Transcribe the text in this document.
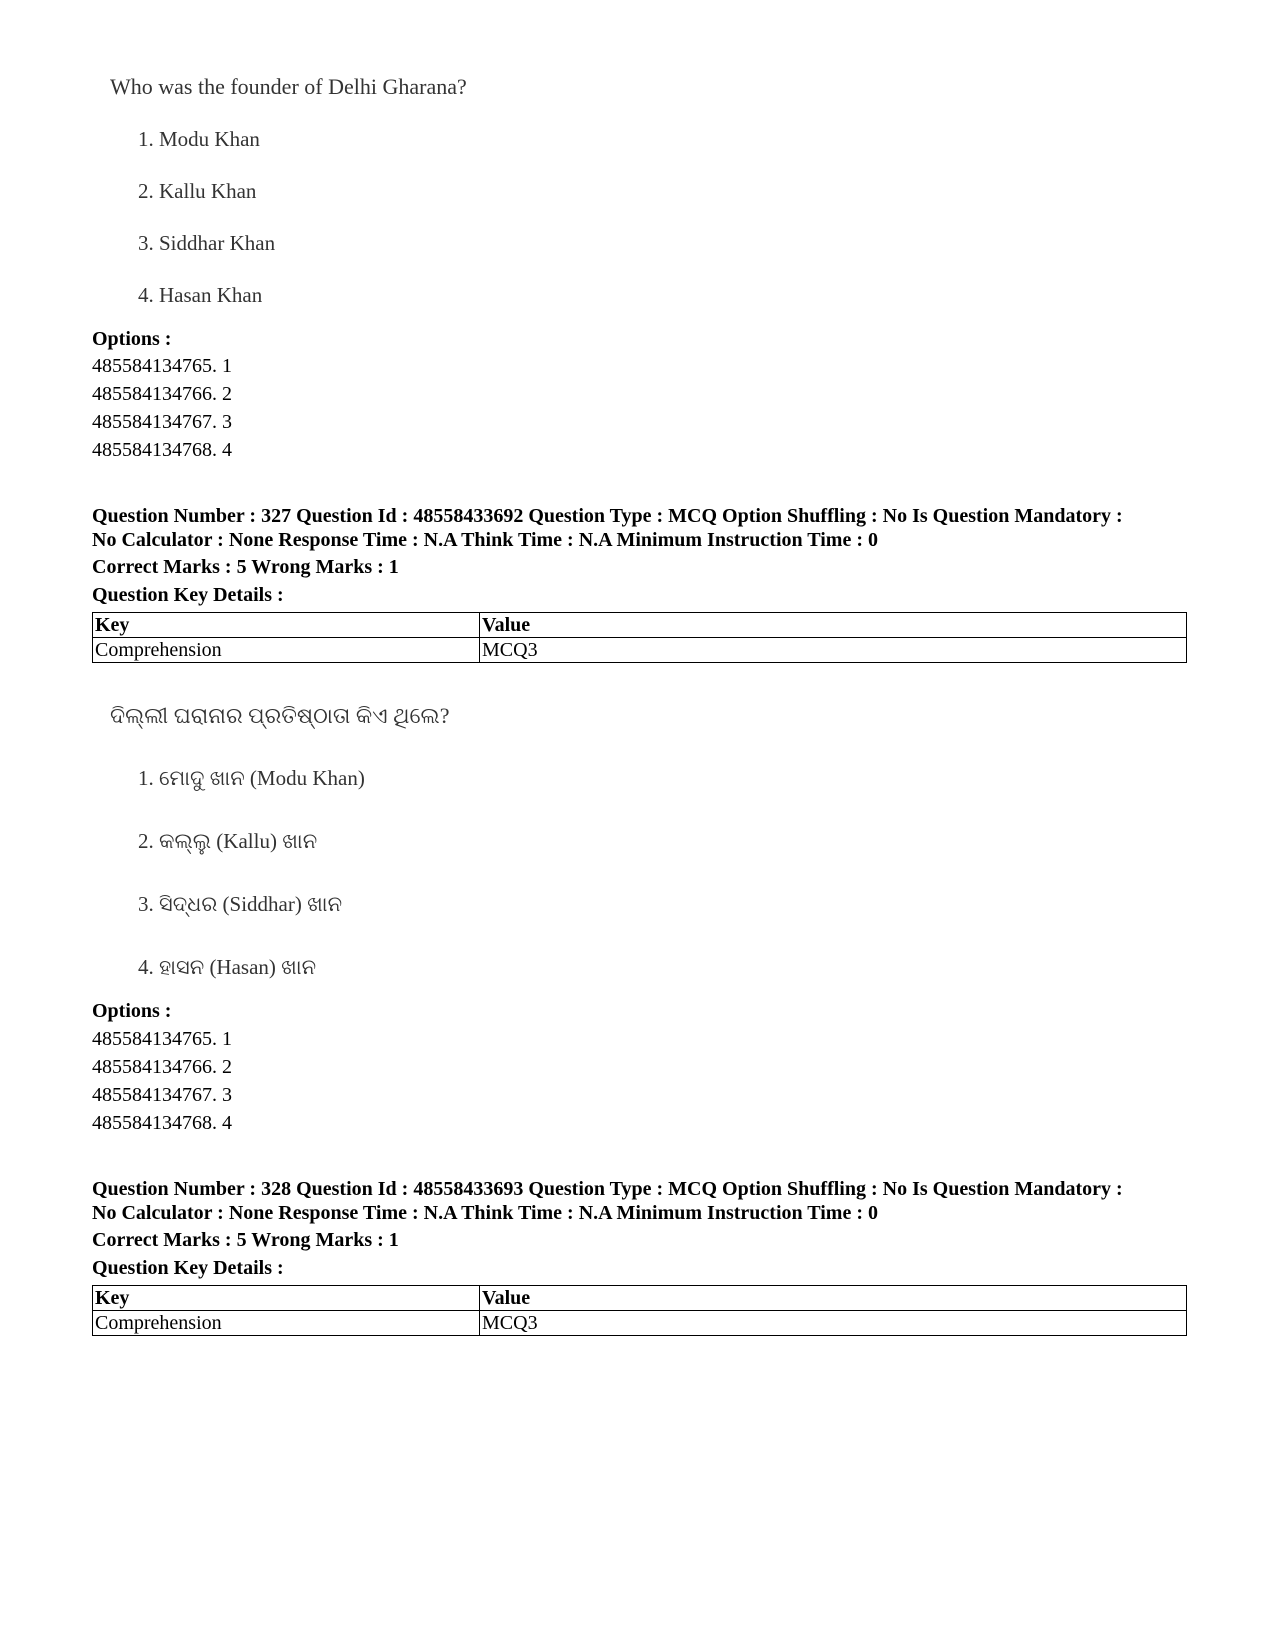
Who was the founder of Delhi Gharana?
1. Modu Khan
2. Kallu Khan
3. Siddhar Khan
4. Hasan Khan
Options :
485584134765. 1
485584134766. 2
485584134767. 3
485584134768. 4
Question Number : 327 Question Id : 48558433692 Question Type : MCQ Option Shuffling : No Is Question Mandatory :
No Calculator : None Response Time : N.A Think Time : N.A Minimum Instruction Time : 0
Correct Marks : 5 Wrong Marks : 1
Question Key Details :
Key	Value
Comprehension	MCQ3
ଦିଲ୍ଲୀ ଘରାନାର ପ୍ରତିଷ୍ଠାତା କିଏ ଥିଲେ?
1. ମୋଦୁ ଖାନ (Modu Khan)
2. କଲ୍ଲୁ (Kallu) ଖାନ
3. ସିଦ୍ଧର (Siddhar) ଖାନ
4. ହାସନ (Hasan) ଖାନ
Options :
485584134765. 1
485584134766. 2
485584134767. 3
485584134768. 4
Question Number : 328 Question Id : 48558433693 Question Type : MCQ Option Shuffling : No Is Question Mandatory :
No Calculator : None Response Time : N.A Think Time : N.A Minimum Instruction Time : 0
Correct Marks : 5 Wrong Marks : 1
Question Key Details :
Key	Value
Comprehension	MCQ3
